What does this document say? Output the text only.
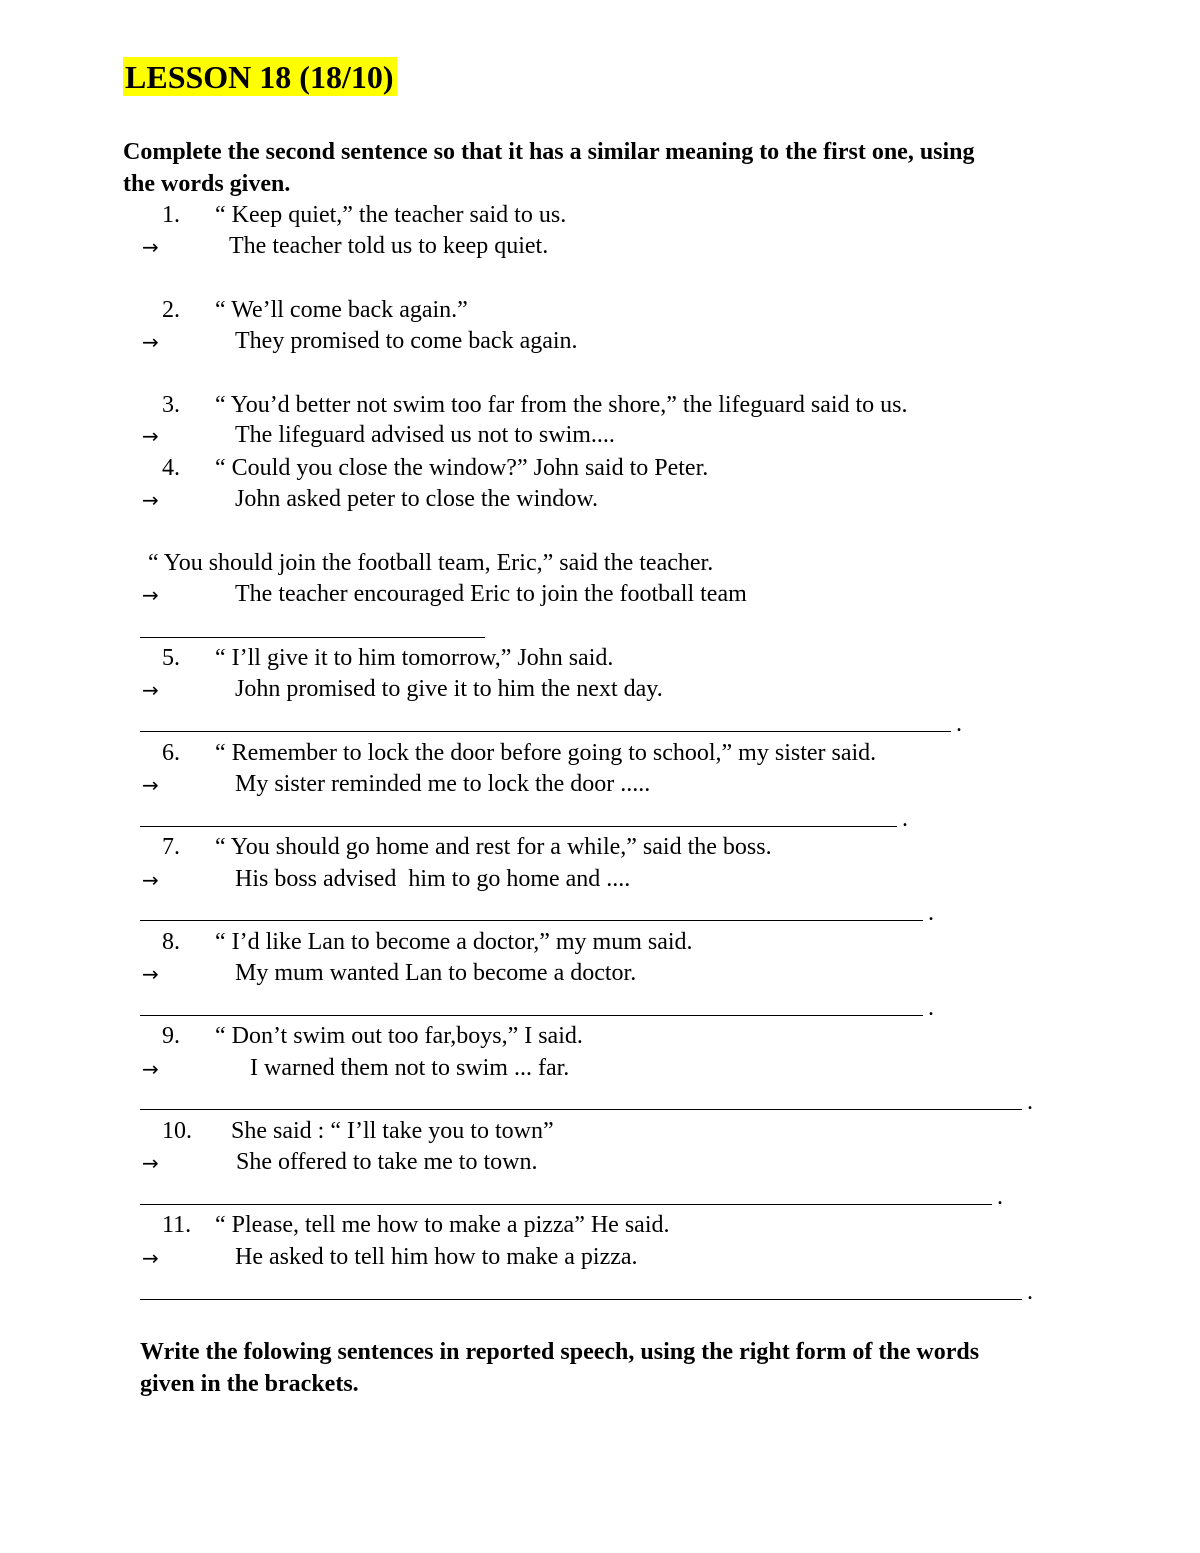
LESSON 18 (18/10)
Complete the second sentence so that it has a similar meaning to the first one, using
the words given.
1. “ Keep quiet,” the teacher said to us.
→	The teacher told us to keep quiet.
2. “ We’ll come back again.”
→	They promised to come back again.
3. “ You’d better not swim too far from the shore,” the lifeguard said to us.
→	The lifeguard advised us not to swim....
4. “ Could you close the window?” John said to Peter.
→	John asked peter to close the window.
“ You should join the football team, Eric,” said the teacher.
→	The teacher encouraged Eric to join the football team
5. “ I’ll give it to him tomorrow,” John said.
→	John promised to give it to him the next day.
.
6. “ Remember to lock the door before going to school,” my sister said.
→	My sister reminded me to lock the door .....
.
7. “ You should go home and rest for a while,” said the boss.
→	His boss advised  him to go home and ....
.
8. “ I’d like Lan to become a doctor,” my mum said.
→	My mum wanted Lan to become a doctor.
.
9. “ Don’t swim out too far,boys,” I said.
→	I warned them not to swim ... far.
.
10. She said : “ I’ll take you to town”
→	She offered to take me to town.
.
11. “ Please, tell me how to make a pizza” He said.
→	He asked to tell him how to make a pizza.
.
Write the folowing sentences in reported speech, using the right form of the words
given in the brackets.
